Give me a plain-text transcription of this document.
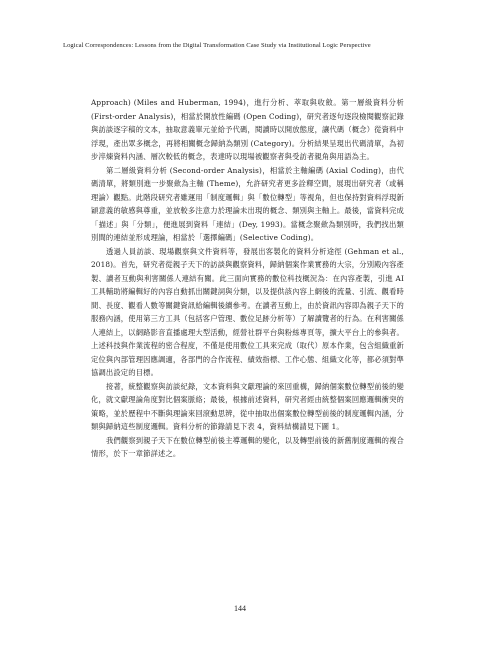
Logical Correspondences: Lessons from the Digital Transformation Case Study via Institutional Logic Perspective

Approach) (Miles and Huberman, 1994)，進行分析、萃取與收斂。第一層級資料分析 (First-order Analysis)，相當於開放性編碼 (Open Coding)，研究者逐句逐段檢閱觀察記錄與訪談逐字稿的文本，抽取意義單元並給予代碼，閱讀時以開放態度，讓代碼（概念）從資料中浮現，產出眾多概念，再將相關概念歸納為類別 (Category)。分析結果呈現出代碼清單，為初步淬煉資料內涵、層次較低的概念，表達時以現場被觀察者與受訪者親角與用語為主。

第二層級資料分析 (Second-order Analysis)，相當於主軸編碼 (Axial Coding)，由代碼清單，將類別進一步聚歛為主軸 (Theme)，允許研究者更多詮釋空間，展現出研究者（或稱理論）觀點。此階段研究者雖運用「制度邏輯」與「數位轉型」等視角，但也保持對資料浮現新穎意義的敏感與尊重，並放較多注意力於理論未出現的概念、類別與主軸上。最後，當資料完成「描述」與「分類」，便進展到資料「連結」(Dey, 1993)。當概念聚歛為類別時，我們找出類別間的連結並形成理論，相當於「選擇編碼」(Selective Coding)。

透過人員訪談、現場觀察與文件資料等，發展出客製化的資料分析途徑 (Gehman et al., 2018)。首先，研究者從親子天下的訪談與觀察資料，歸納個案作業實務的大宗，分別殿內容產製、讀者互動與利害關係人連結有關。此三面向實務的數位科技概況為：在內容產製，引進 AI 工具輔助將編輯好的內容自動抓出關鍵詞與分類，以及提供該內容上網後的流量、引流、觀看時間、長度、觀看人數等關鍵資訊給編輯後續參考。在讀者互動上，由於資訊內容即為親子天下的服務內涵，使用第三方工具（包括客户管理、數位足跡分析等）了解讀覽者的行為。在利害關係人連結上，以網路影音直播處理大型活動，經營社群平台與粉絲專頁等，擴大平台上的參與者。上述科技與作業流程的密合程度，不僅是使用數位工具來完成（取代）原本作業，包含組織重新定位與內部管理因應調適，各部門的合作流程、績效指標、工作心態、組織文化等，都必須對準協調出設定的目標。

接著，統整觀察與訪談紀錄，文本資料與文獻理論的來回重構，歸納個案數位轉型前後的變化，就文獻理論角度對比個案脈絡；最後，根據前述資料，研究者經由統整個案回應邏輯衝突的策略，並於歷程中不斷與理論來回滾動思辨，從中抽取出個案數位轉型前後的制度邏輯內涵，分類與歸納這些制度邏輯。資料分析的節錄請見下表 4，資料結構請見下圖 1。

我們觀察到親子天下在數位轉型前後主導邏輯的變化，以及轉型前後的新舊制度邏輯的複合情形，於下一章節詳述之。

144
